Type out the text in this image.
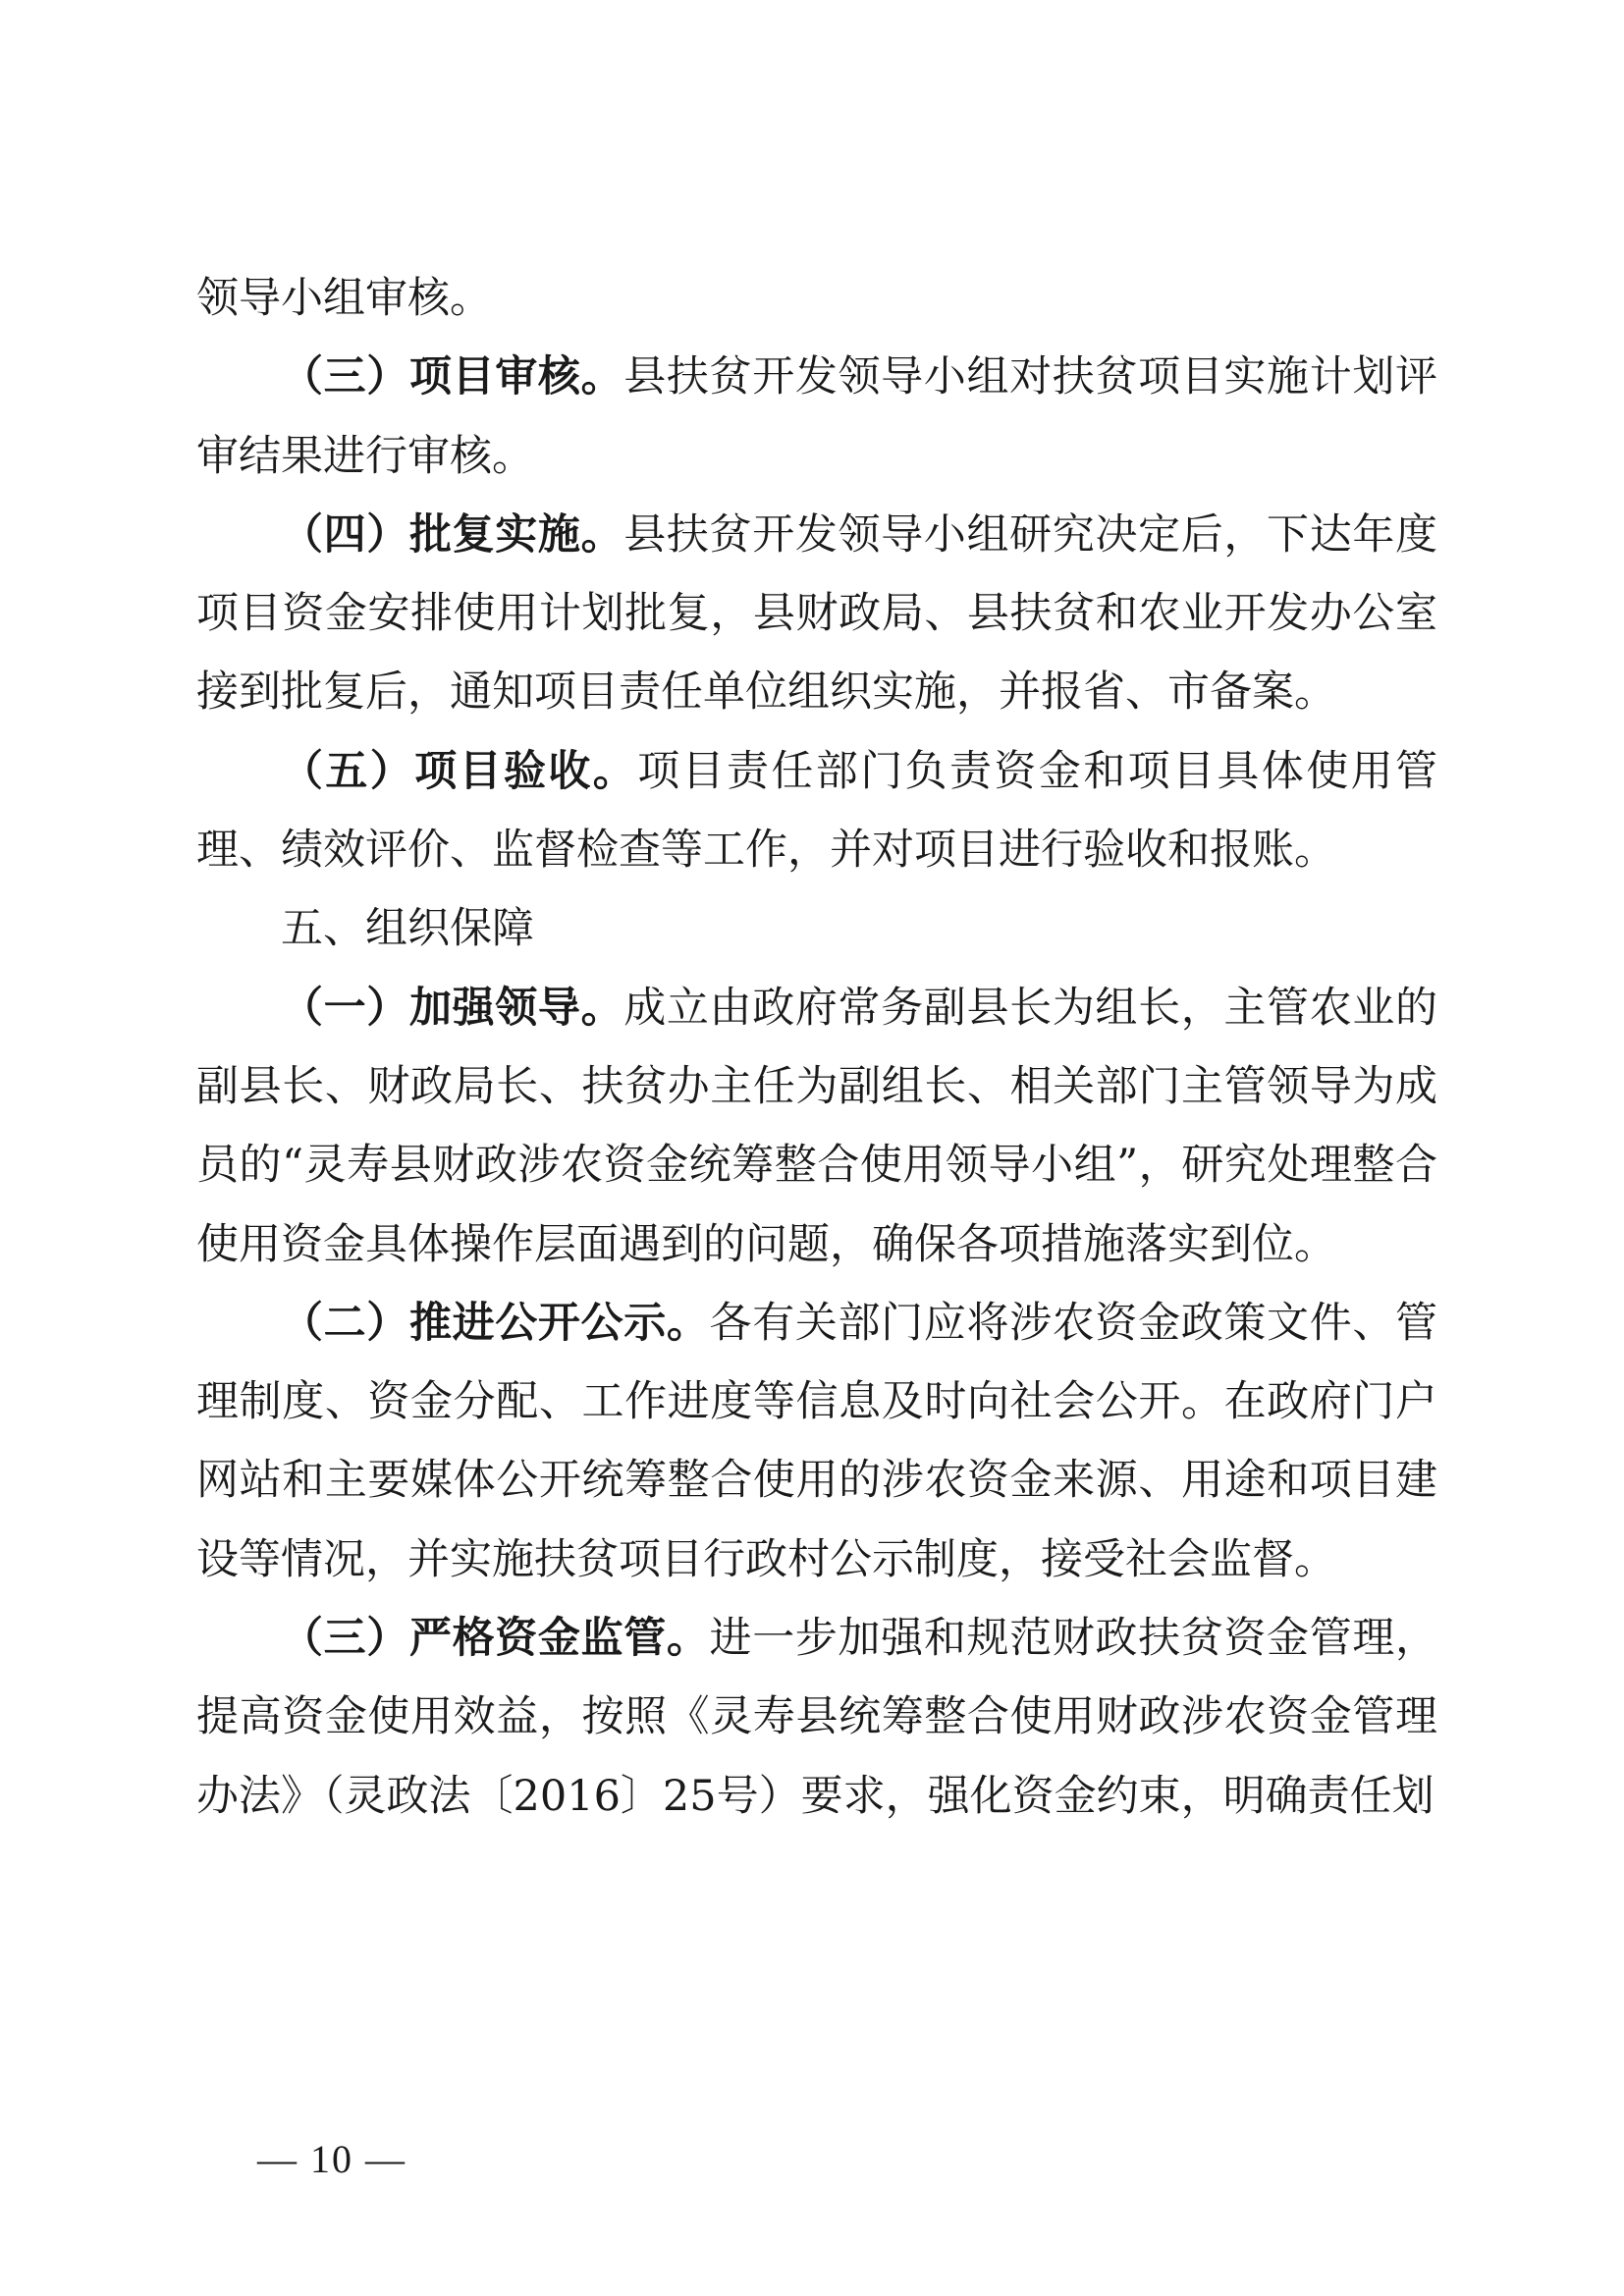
领导小组审核。

（三）项目审核。县扶贫开发领导小组对扶贫项目实施计划评审结果进行审核。

（四）批复实施。县扶贫开发领导小组研究决定后，下达年度项目资金安排使用计划批复，县财政局、县扶贫和农业开发办公室接到批复后，通知项目责任单位组织实施，并报省、市备案。

（五）项目验收。项目责任部门负责资金和项目具体使用管理、绩效评价、监督检查等工作，并对项目进行验收和报账。

五、组织保障

（一）加强领导。成立由政府常务副县长为组长，主管农业的副县长、财政局长、扶贫办主任为副组长、相关部门主管领导为成员的“灵寿县财政涉农资金统筹整合使用领导小组”，研究处理整合使用资金具体操作层面遇到的问题，确保各项措施落实到位。

（二）推进公开公示。各有关部门应将涉农资金政策文件、管理制度、资金分配、工作进度等信息及时向社会公开。在政府门户网站和主要媒体公开统筹整合使用的涉农资金来源、用途和项目建设等情况，并实施扶贫项目行政村公示制度，接受社会监督。

（三）严格资金监管。进一步加强和规范财政扶贫资金管理，提高资金使用效益，按照《灵寿县统筹整合使用财政涉农资金管理办法》（灵政法〔2016〕25号）要求，强化资金约束，明确责任划

— 10 —
